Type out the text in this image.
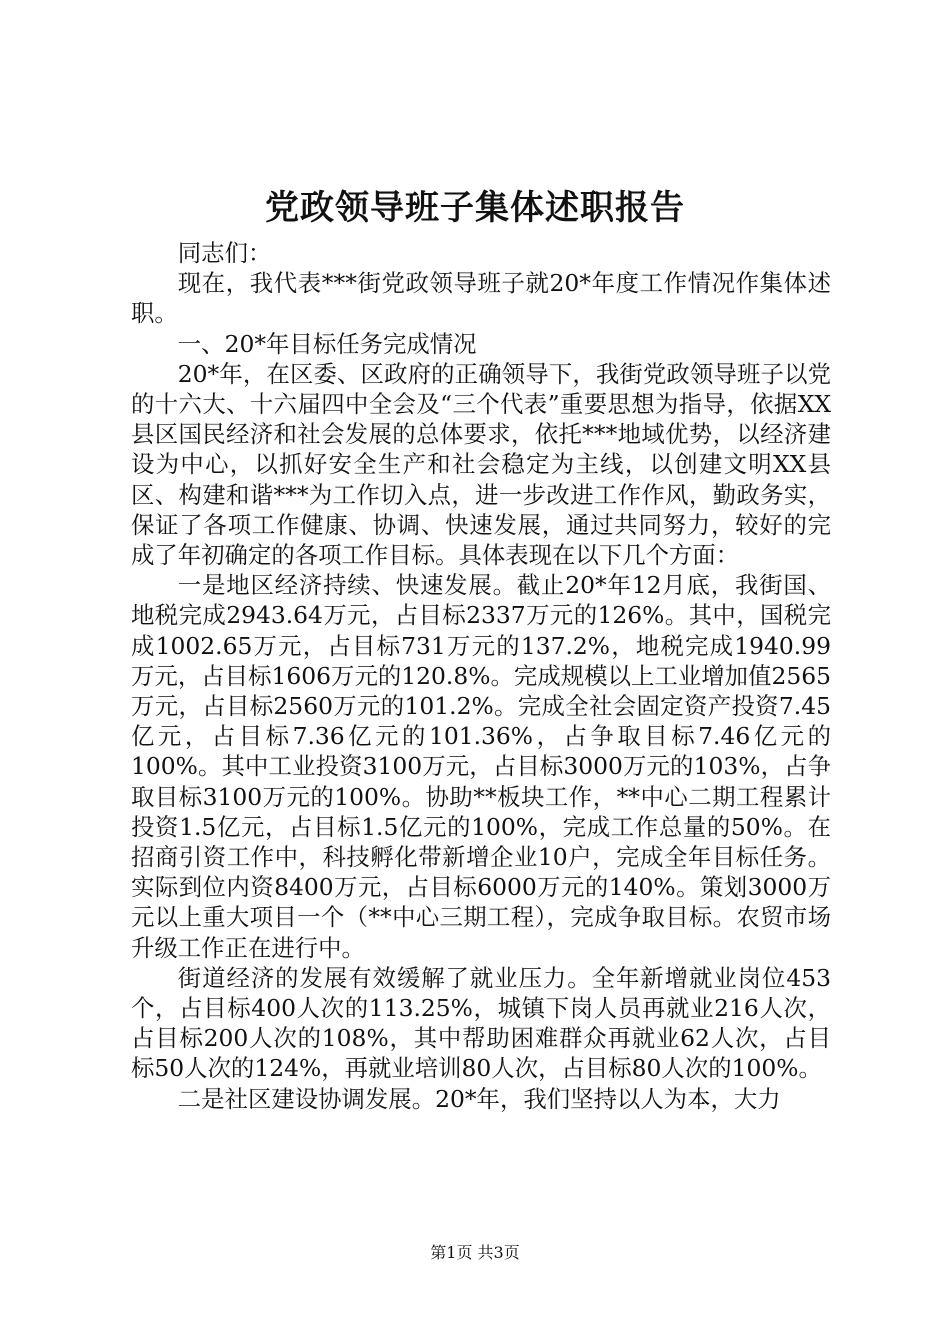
党政领导班子集体述职报告

同志们：

现在，我代表***街党政领导班子就20*年度工作情况作集体述职。

一、20*年目标任务完成情况

20*年，在区委、区政府的正确领导下，我街党政领导班子以党的十六大、十六届四中全会及“三个代表”重要思想为指导，依据XX县区国民经济和社会发展的总体要求，依托***地域优势，以经济建设为中心，以抓好安全生产和社会稳定为主线，以创建文明XX县区、构建和谐***为工作切入点，进一步改进工作作风，勤政务实，保证了各项工作健康、协调、快速发展，通过共同努力，较好的完成了年初确定的各项工作目标。具体表现在以下几个方面：

一是地区经济持续、快速发展。截止20*年12月底，我街国、地税完成2943.64万元，占目标2337万元的126%。其中，国税完成1002.65万元，占目标731万元的137.2%，地税完成1940.99万元，占目标1606万元的120.8%。完成规模以上工业增加值2565万元，占目标2560万元的101.2%。完成全社会固定资产投资7.45亿元，占目标7.36亿元的101.36%，占争取目标7.46亿元的100%。其中工业投资3100万元，占目标3000万元的103%，占争取目标3100万元的100%。协助**板块工作，**中心二期工程累计投资1.5亿元，占目标1.5亿元的100%，完成工作总量的50%。在招商引资工作中，科技孵化带新增企业10户，完成全年目标任务。实际到位内资8400万元，占目标6000万元的140%。策划3000万元以上重大项目一个（**中心三期工程），完成争取目标。农贸市场升级工作正在进行中。

街道经济的发展有效缓解了就业压力。全年新增就业岗位453个，占目标400人次的113.25%，城镇下岗人员再就业216人次，占目标200人次的108%，其中帮助困难群众再就业62人次，占目标50人次的124%，再就业培训80人次，占目标80人次的100%。

二是社区建设协调发展。20*年，我们坚持以人为本，大力

第1页 共3页
